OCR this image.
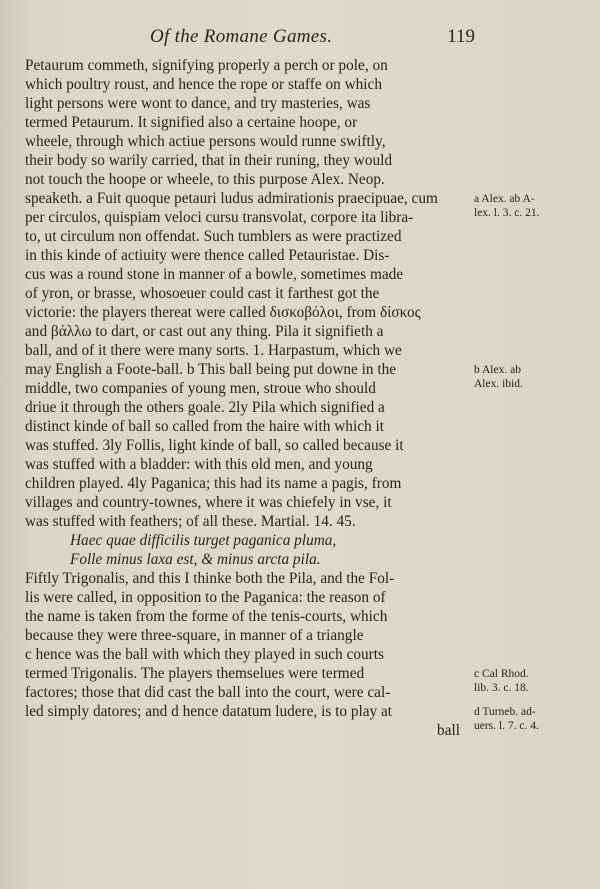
Of the Romane Games.	119
Petaurum commeth, signifying properly a perch or pole, on
which poultry roust, and hence the rope or staffe on which
light persons were wont to dance, and try masteries, was
termed Petaurum. It signified also a certaine hoope, or
wheele, through which actiue persons would runne swiftly,
their body so warily carried, that in their runing, they would
not touch the hoope or wheele, to this purpose Alex. Neop.
speaketh. a Fuit quoque petauri ludus admirationis praecipuae, cum
per circulos, quispiam veloci cursu transvolat, corpore ita libra-
to, ut circulum non offendat. Such tumblers as were practized
in this kinde of actiuity were thence called Petauristae. Dis-
cus was a round stone in manner of a bowle, sometimes made
of yron, or brasse, whosoeuer could cast it farthest got the
victorie: the players thereat were called δισκοβόλοι, from δίσκος
and βάλλω to dart, or cast out any thing. Pila it signifieth a
ball, and of it there were many sorts. 1. Harpastum, which we
may English a Foote-ball. b This ball being put downe in the
middle, two companies of young men, stroue who should
driue it through the others goale. 2ly Pila which signified a
distinct kinde of ball so called from the haire with which it
was stuffed. 3ly Follis, light kinde of ball, so called because it
was stuffed with a bladder: with this old men, and young
children played. 4ly Paganica; this had its name a pagis, from
villages and country-townes, where it was chiefely in vse, it
was stuffed with feathers; of all these. Martial. 14. 45.
Haec quae difficilis turget paganica pluma,
Folle minus laxa est, & minus arcta pila.
Fiftly Trigonalis, and this I thinke both the Pila, and the Fol-
lis were called, in opposition to the Paganica: the reason of
the name is taken from the forme of the tenis-courts, which
because they were three-square, in manner of a triangle
c hence was the ball with which they played in such courts
termed Trigonalis. The players themselues were termed
factores; those that did cast the ball into the court, were cal-
led simply datores; and d hence datatum ludere, is to play at
ball
a Alex. ab A-
lex. l. 3. c. 21.
b Alex. ab
Alex. ibid.
c Cal Rhod.
lib. 3. c. 18.
d Turneb. ad-
uers. l. 7. c. 4.
